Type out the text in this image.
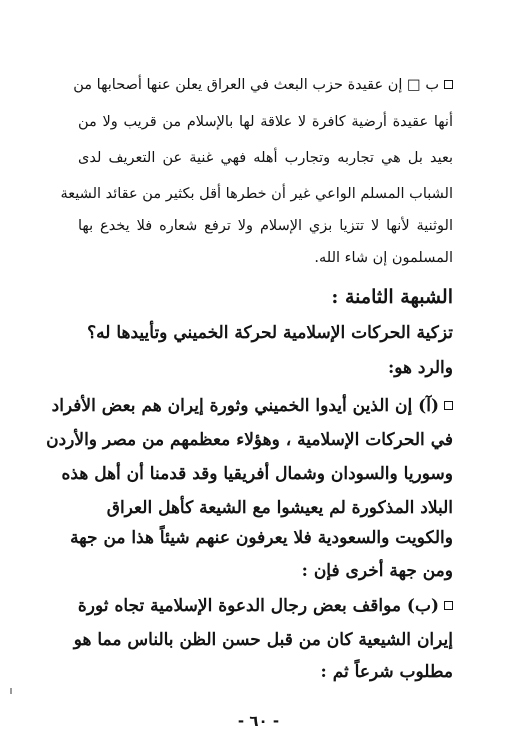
ب □ إن عقيدة حزب البعث في العراق يعلن عنها أصحابها من
أنها عقيدة أرضية كافرة لا علاقة لها بالإسلام من قريب ولا من
بعيد بل هي تجاربه وتجارب أهله فهي غنية عن التعريف لدى
الشباب المسلم الواعي غير أن خطرها أقل بكثير من عقائد الشيعة
الوثنية لأنها لا تتزيا بزي الإسلام ولا ترفع شعاره فلا يخدع بها
المسلمون إن شاء الله.
الشبهة الثامنة :
تزكية الحركات الإسلامية لحركة الخميني وتأييدها له؟
والرد هو:
(آ) إن الذين أيدوا الخميني وثورة إيران هم بعض الأفراد
في الحركات الإسلامية ، وهؤلاء معظمهم من مصر والأردن
وسوريا والسودان وشمال أفريقيا وقد قدمنا أن أهل هذه
البلاد المذكورة لم يعيشوا مع الشيعة كأهل العراق
والكويت والسعودية فلا يعرفون عنهم شيئاً هذا من جهة
ومن جهة أخرى فإن :
(ب) مواقف بعض رجال الدعوة الإسلامية تجاه ثورة
إيران الشيعية كان من قبل حسن الظن بالناس مما هو
مطلوب شرعاً ثم :
- ٦٠ -
